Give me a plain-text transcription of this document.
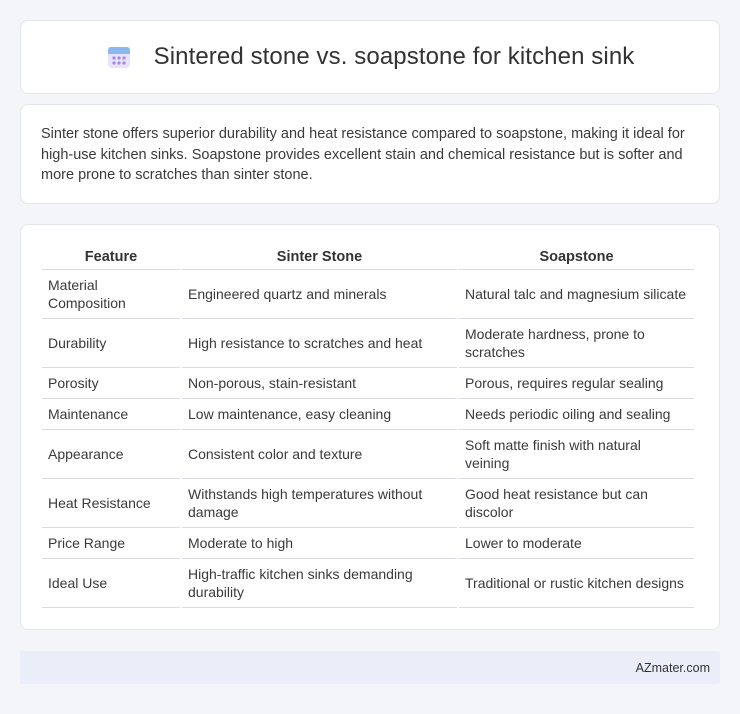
Sintered stone vs. soapstone for kitchen sink

Sinter stone offers superior durability and heat resistance compared to soapstone, making it ideal for high-use kitchen sinks. Soapstone provides excellent stain and chemical resistance but is softer and more prone to scratches than sinter stone.

Feature	Sinter Stone	Soapstone
Material Composition	Engineered quartz and minerals	Natural talc and magnesium silicate
Durability	High resistance to scratches and heat	Moderate hardness, prone to scratches
Porosity	Non-porous, stain-resistant	Porous, requires regular sealing
Maintenance	Low maintenance, easy cleaning	Needs periodic oiling and sealing
Appearance	Consistent color and texture	Soft matte finish with natural veining
Heat Resistance	Withstands high temperatures without damage	Good heat resistance but can discolor
Price Range	Moderate to high	Lower to moderate
Ideal Use	High-traffic kitchen sinks demanding durability	Traditional or rustic kitchen designs
AZmater.com
